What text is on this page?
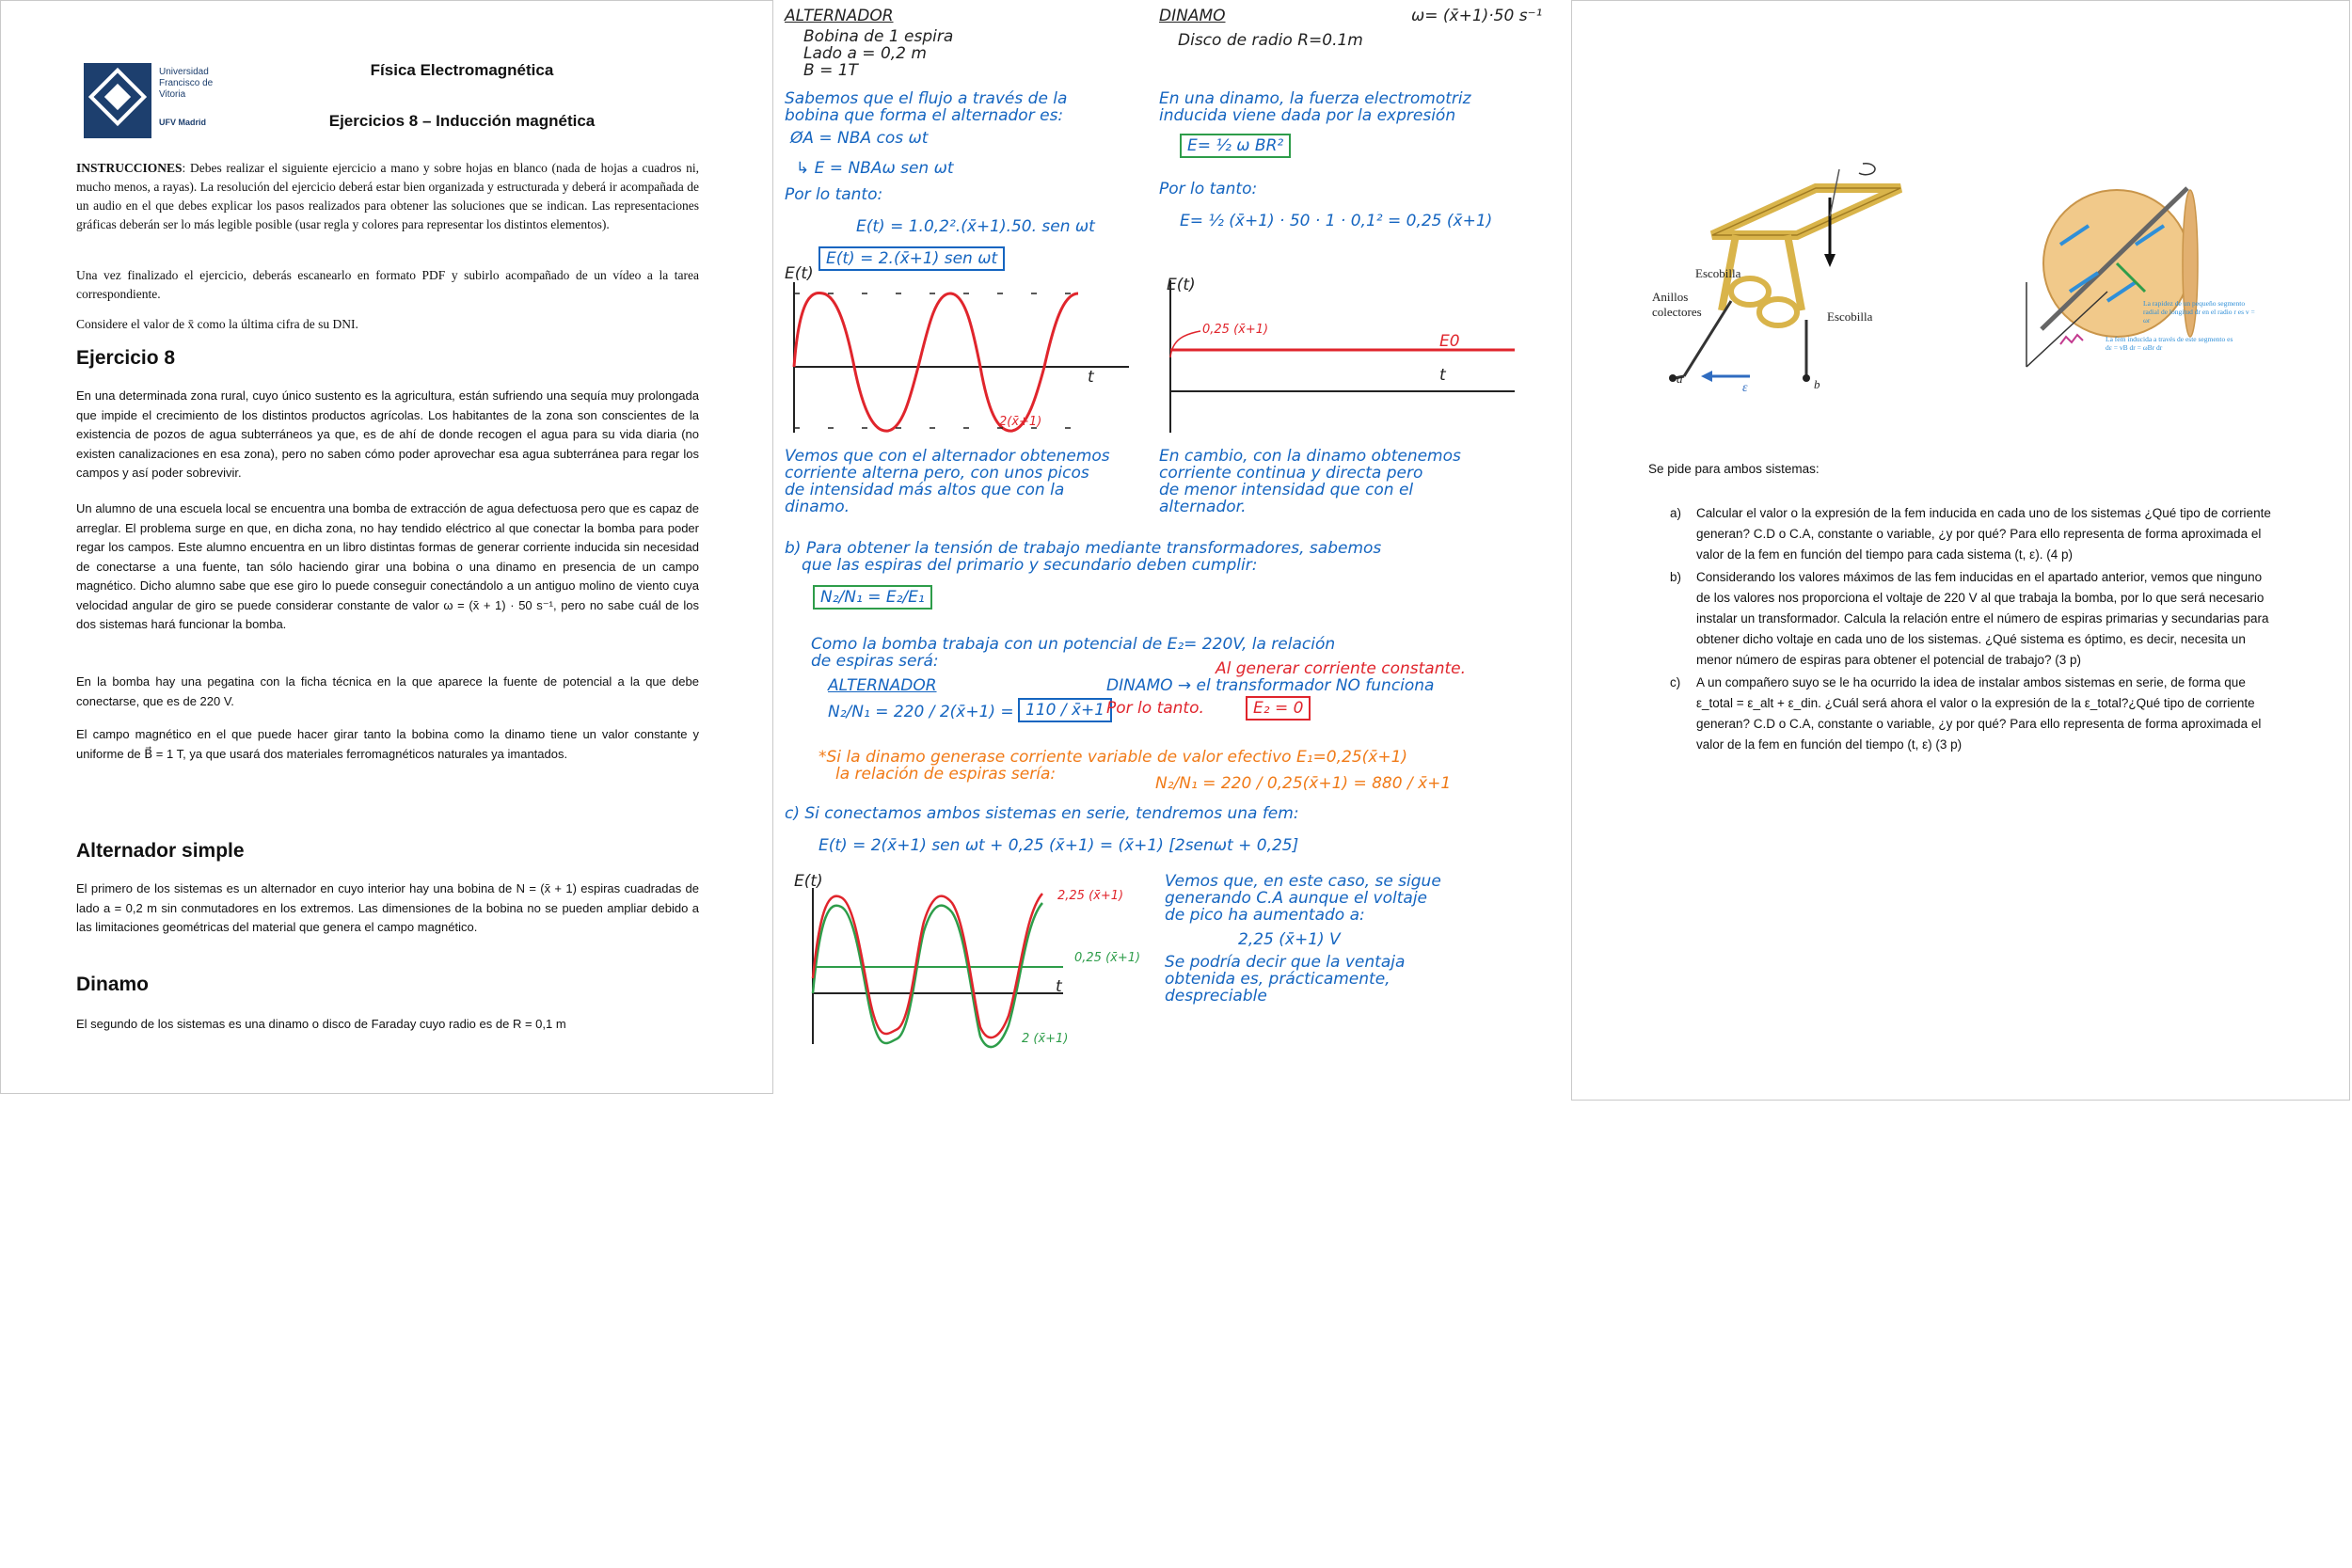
Universidad Francisco de Vitoria
UFV Madrid
Física Electromagnética
Ejercicios 8 – Inducción magnética
INSTRUCCIONES: Debes realizar el siguiente ejercicio a mano y sobre hojas en blanco (nada de hojas a cuadros ni, mucho menos, a rayas). La resolución del ejercicio deberá estar bien organizada y estructurada y deberá ir acompañada de un audio en el que debes explicar los pasos realizados para obtener las soluciones que se indican. Las representaciones gráficas deberán ser lo más legible posible (usar regla y colores para representar los distintos elementos).
Una vez finalizado el ejercicio, deberás escanearlo en formato PDF y subirlo acompañado de un vídeo a la tarea correspondiente.
Considere el valor de x̄ como la última cifra de su DNI.
Ejercicio 8
En una determinada zona rural, cuyo único sustento es la agricultura, están sufriendo una sequía muy prolongada que impide el crecimiento de los distintos productos agrícolas. Los habitantes de la zona son conscientes de la existencia de pozos de agua subterráneos ya que, es de ahí de donde recogen el agua para su vida diaria (no existen canalizaciones en esa zona), pero no saben cómo poder aprovechar esa agua subterránea para regar los campos y así poder sobrevivir.
Un alumno de una escuela local se encuentra una bomba de extracción de agua defectuosa pero que es capaz de arreglar. El problema surge en que, en dicha zona, no hay tendido eléctrico al que conectar la bomba para poder regar los campos. Este alumno encuentra en un libro distintas formas de generar corriente inducida sin necesidad de conectarse a una fuente, tan sólo haciendo girar una bobina o una dinamo en presencia de un campo magnético. Dicho alumno sabe que ese giro lo puede conseguir conectándolo a un antiguo molino de viento cuya velocidad angular de giro se puede considerar constante de valor ω = (x̄ + 1) · 50 s⁻¹, pero no sabe cuál de los dos sistemas hará funcionar la bomba.
En la bomba hay una pegatina con la ficha técnica en la que aparece la fuente de potencial a la que debe conectarse, que es de 220 V.
El campo magnético en el que puede hacer girar tanto la bobina como la dinamo tiene un valor constante y uniforme de B⃗ = 1 T, ya que usará dos materiales ferromagnéticos naturales ya imantados.
Alternador simple
El primero de los sistemas es un alternador en cuyo interior hay una bobina de N = (x̄ + 1) espiras cuadradas de lado a = 0,2 m sin conmutadores en los extremos. Las dimensiones de la bobina no se pueden ampliar debido a las limitaciones geométricas del material que genera el campo magnético.
Dinamo
El segundo de los sistemas es una dinamo o disco de Faraday cuyo radio es de R = 0,1 m
ALTERNADOR
Bobina de 1 espira
Lado a = 0,2 m
B = 1T
Sabemos que el flujo a través de la
bobina que forma el alternador es:
ØA = NBA cos ωt
↳ E = NBAω sen ωt
Por lo tanto:
E(t) = 1.0,2².(x̄+1).50. sen ωt
E(t) = 2.(x̄+1) sen ωt
DINAMO	ω= (x̄+1)·50 s⁻¹
Disco de radio R=0.1m
En una dinamo, la fuerza electromotriz
inducida viene dada por la expresión
E= ½ ω BR²
Por lo tanto:
E= ½ (x̄+1) · 50 · 1 · 0,1² = 0,25 (x̄+1)
E(t)
t
2(x̄+1)
E(t)
t
0,25 (x̄+1)
E0
Vemos que con el alternador obtenemos
corriente alterna pero, con unos picos
de intensidad más altos que con la
dinamo.
En cambio, con la dinamo obtenemos
corriente continua y directa pero
de menor intensidad que con el
alternador.
b) Para obtener la tensión de trabajo mediante transformadores, sabemos
que las espiras del primario y secundario deben cumplir:
N₂/N₁ = E₂/E₁
Como la bomba trabaja con un potencial de E₂= 220V, la relación
de espiras será:
ALTERNADOR
N₂/N₁ = 220 / 2(x̄+1) = 110 / x̄+1
Al generar corriente constante.
DINAMO → el transformador NO funciona
Por lo tanto.	E₂ = 0
*Si la dinamo generase corriente variable de valor efectivo E₁=0,25(x̄+1)
la relación de espiras sería:	N₂/N₁ = 220 / 0,25(x̄+1) = 880 / x̄+1
c) Si conectamos ambos sistemas en serie, tendremos una fem:
E(t) = 2(x̄+1) sen ωt + 0,25 (x̄+1) = (x̄+1) [2senωt + 0,25]
E(t)
t
2,25 (x̄+1)
0,25 (x̄+1)
2 (x̄+1)
Vemos que, en este caso, se sigue
generando C.A aunque el voltaje
de pico ha aumentado a:
2,25 (x̄+1) V
Se podría decir que la ventaja
obtenida es, prácticamente,
despreciable
Escobilla
Anillos colectores	Escobilla
a	b
ε
La rapidez de un pequeño segmento radial de longitud dr en el radio r es v = ωr
La fem inducida a través de este segmento es dε = vB dr = ωBr dr
Se pide para ambos sistemas:
a)	Calcular el valor o la expresión de la fem inducida en cada uno de los sistemas ¿Qué tipo de corriente generan? C.D o C.A, constante o variable, ¿y por qué? Para ello representa de forma aproximada el valor de la fem en función del tiempo para cada sistema (t, ε). (4 p)
b)	Considerando los valores máximos de las fem inducidas en el apartado anterior, vemos que ninguno de los valores nos proporciona el voltaje de 220 V al que trabaja la bomba, por lo que será necesario instalar un transformador. Calcula la relación entre el número de espiras primarias y secundarias para obtener dicho voltaje en cada uno de los sistemas. ¿Qué sistema es óptimo, es decir, necesita un menor número de espiras para obtener el potencial de trabajo? (3 p)
c)	A un compañero suyo se le ha ocurrido la idea de instalar ambos sistemas en serie, de forma que ε_total = ε_alt + ε_din. ¿Cuál será ahora el valor o la expresión de la ε_total?¿Qué tipo de corriente generan? C.D o C.A, constante o variable, ¿y por qué? Para ello representa de forma aproximada el valor de la fem en función del tiempo (t, ε) (3 p)
